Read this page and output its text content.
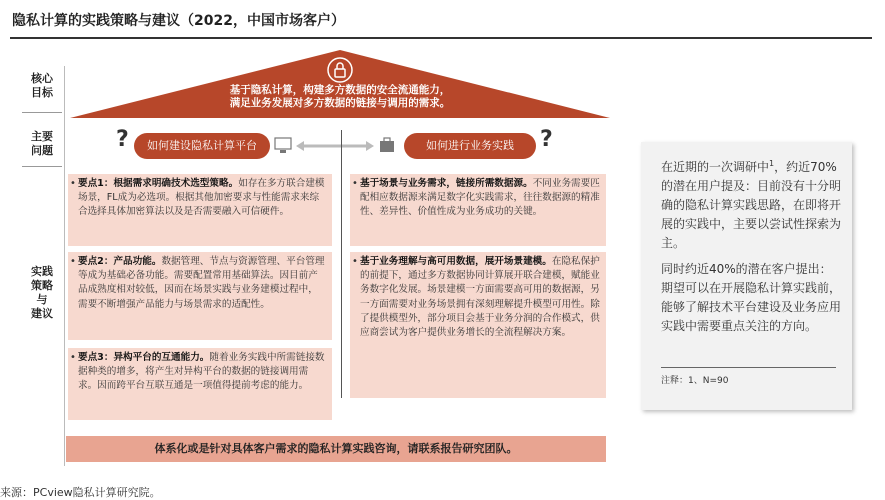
隐私计算的实践策略与建议（2022，中国市场客户）
核心
目标
主要
问题
实践
策略
与
建议
基于隐私计算，构建多方数据的安全流通能力，
满足业务发展对多方数据的链接与调用的需求。
?	如何建设隐私计算平台	如何进行业务实践	?
• 要点1：根据需求明确技术选型策略。如存在多方联合建模场景，FL成为必选项。根据其他加密要求与性能需求来综合选择具体加密算法以及是否需要融入可信硬件。
• 要点2：产品功能。数据管理、节点与资源管理、平台管理等成为基础必备功能。需要配置常用基础算法。因目前产品成熟度相对较低，因而在场景实践与业务建模过程中，需要不断增强产品能力与场景需求的适配性。
• 要点3：异构平台的互通能力。随着业务实践中所需链接数据种类的增多，将产生对异构平台的数据的链接调用需求。因而跨平台互联互通是一项值得提前考虑的能力。
• 基于场景与业务需求，链接所需数据源。不同业务需要匹配相应数据源来满足数字化实践需求，往往数据源的精准性、差异性、价值性成为业务成功的关键。
• 基于业务理解与高可用数据，展开场景建模。在隐私保护的前提下，通过多方数据协同计算展开联合建模，赋能业务数字化发展。场景建模一方面需要高可用的数据源，另一方面需要对业务场景拥有深刻理解提升模型可用性。除了提供模型外，部分项目会基于业务分润的合作模式，供应商尝试为客户提供业务增长的全流程解决方案。
体系化或是针对具体客户需求的隐私计算实践咨询，请联系报告研究团队。
来源：PCview隐私计算研究院。
在近期的一次调研中$^1$，约近70%的潜在用户提及：目前没有十分明确的隐私计算实践思路，在即将开展的实践中，主要以尝试性探索为主。
同时约近40%的潜在客户提出：期望可以在开展隐私计算实践前，能够了解技术平台建设及业务应用实践中需要重点关注的方向。
注释：1、N=90
